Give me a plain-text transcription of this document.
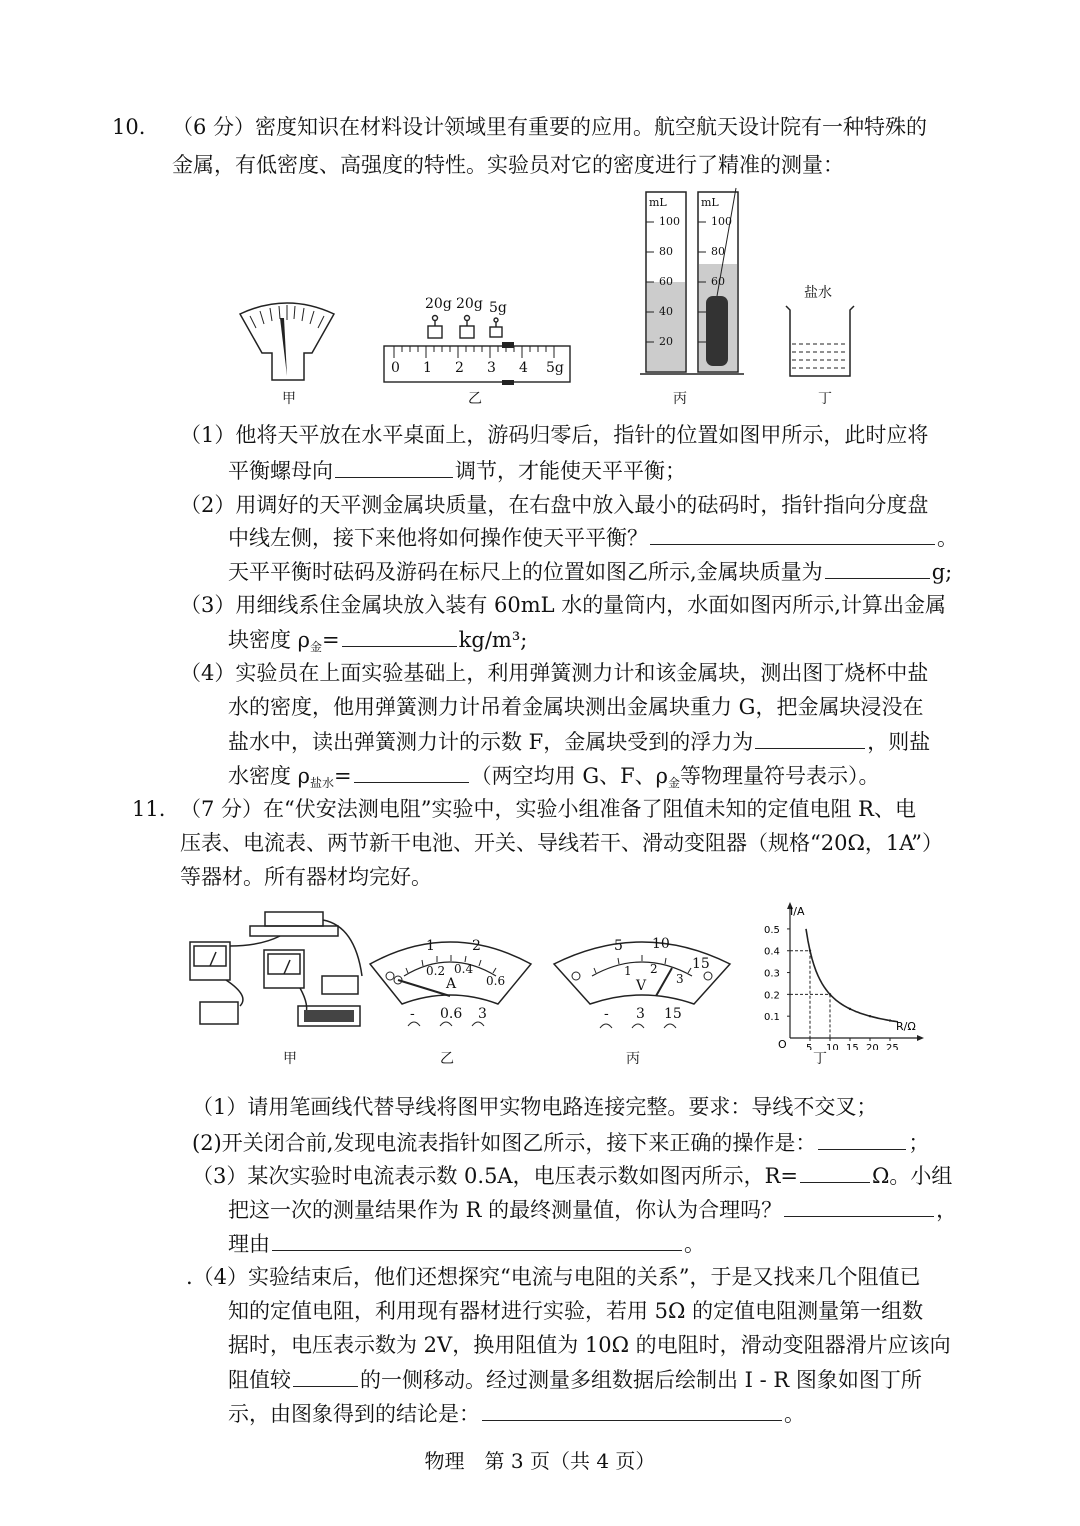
10. （6 分）密度知识在材料设计领域里有重要的应用。航空航天设计院有一种特殊的
金属，有低密度、高强度的特性。实验员对它的密度进行了精准的测量：
甲
20g 20g 5g
0 1 2 3 4 5g
乙
mL
100
80
60
40
20
mL
100
80
60
丙
盐水
丁
（1）他将天平放在水平桌面上，游码归零后，指针的位置如图甲所示，此时应将
平衡螺母向	调节，才能使天平平衡；
（2）用调好的天平测金属块质量，在右盘中放入最小的砝码时，指针指向分度盘
中线左侧，接下来他将如何操作使天平平衡？	。
天平平衡时砝码及游码在标尺上的位置如图乙所示,金属块质量为	g;
（3）用细线系住金属块放入装有 60mL 水的量筒内，水面如图丙所示,计算出金属
块密度 $\rho_金=$	kg/m³;
（4）实验员在上面实验基础上，利用弹簧测力计和该金属块，测出图丁烧杯中盐
水的密度，他用弹簧测力计吊着金属块测出金属块重力 G，把金属块浸没在
盐水中，读出弹簧测力计的示数 F，金属块受到的浮力为	，则盐
水密度 $\rho_{盐水}=$	（两空均用 G、F、$\rho_金$等物理量符号表示）。
11. （7 分）在“伏安法测电阻”实验中，实验小组准备了阻值未知的定值电阻 R、电
压表、电流表、两节新干电池、开关、导线若干、滑动变阻器（规格“20Ω，1A”）
等器材。所有器材均完好。
甲
1	2
0.2 0.4
0.6
A
- 0.6 3
乙
5 10
15
1 2
3
V
- 3 15
丙
0.1
0.2
0.3
0.4
0.5
5 10 15 20 25
I/A
R/Ω
O
丁
（1）请用笔画线代替导线将图甲实物电路连接完整。要求：导线不交叉；
(2)开关闭合前,发现电流表指针如图乙所示，接下来正确的操作是：	；
（3）某次实验时电流表示数 0.5A，电压表示数如图丙所示，R=	Ω。小组
把这一次的测量结果作为 R 的最终测量值，你认为合理吗？	，
理由	。
.（4）实验结束后，他们还想探究“电流与电阻的关系”，于是又找来几个阻值已
知的定值电阻，利用现有器材进行实验，若用 5Ω 的定值电阻测量第一组数
据时，电压表示数为 2V，换用阻值为 10Ω 的电阻时，滑动变阻器滑片应该向
阻值较	的一侧移动。经过测量多组数据后绘制出 I - R 图象如图丁所
示，由图象得到的结论是：	。
物理　第 3 页（共 4 页）
